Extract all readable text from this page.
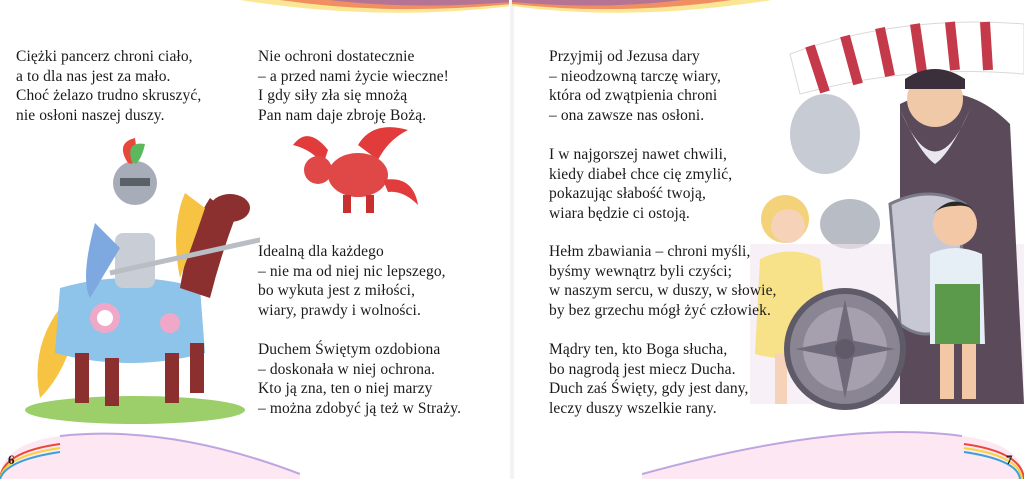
Ciężki pancerz chroni ciało,
a to dla nas jest za mało.
Choć żelazo trudno skruszyć,
nie osłoni naszej duszy.

Nie ochroni dostatecznie
– a przed nami życie wieczne!
I gdy siły zła się mnożą
Pan nam daje zbroję Bożą.

Idealną dla każdego
– nie ma od niej nic lepszego,
bo wykuta jest z miłości,
wiary, prawdy i wolności.

Duchem Świętym ozdobiona
– doskonała w niej ochrona.
Kto ją zna, ten o niej marzy
– można zdobyć ją też w Straży.

6

Przyjmij od Jezusa dary
– nieodzowną tarczę wiary,
która od zwątpienia chroni
– ona zawsze nas osłoni.

I w najgorszej nawet chwili,
kiedy diabeł chce cię zmylić,
pokazując słabość twoją,
wiara będzie ci ostoją.

Hełm zbawiania – chroni myśli,
byśmy wewnątrz byli czyści;
w naszym sercu, w duszy, w słowie,
by bez grzechu mógł żyć człowiek.

Mądry ten, kto Boga słucha,
bo nagrodą jest miecz Ducha.
Duch zaś Święty, gdy jest dany,
leczy duszy wszelkie rany.

7
